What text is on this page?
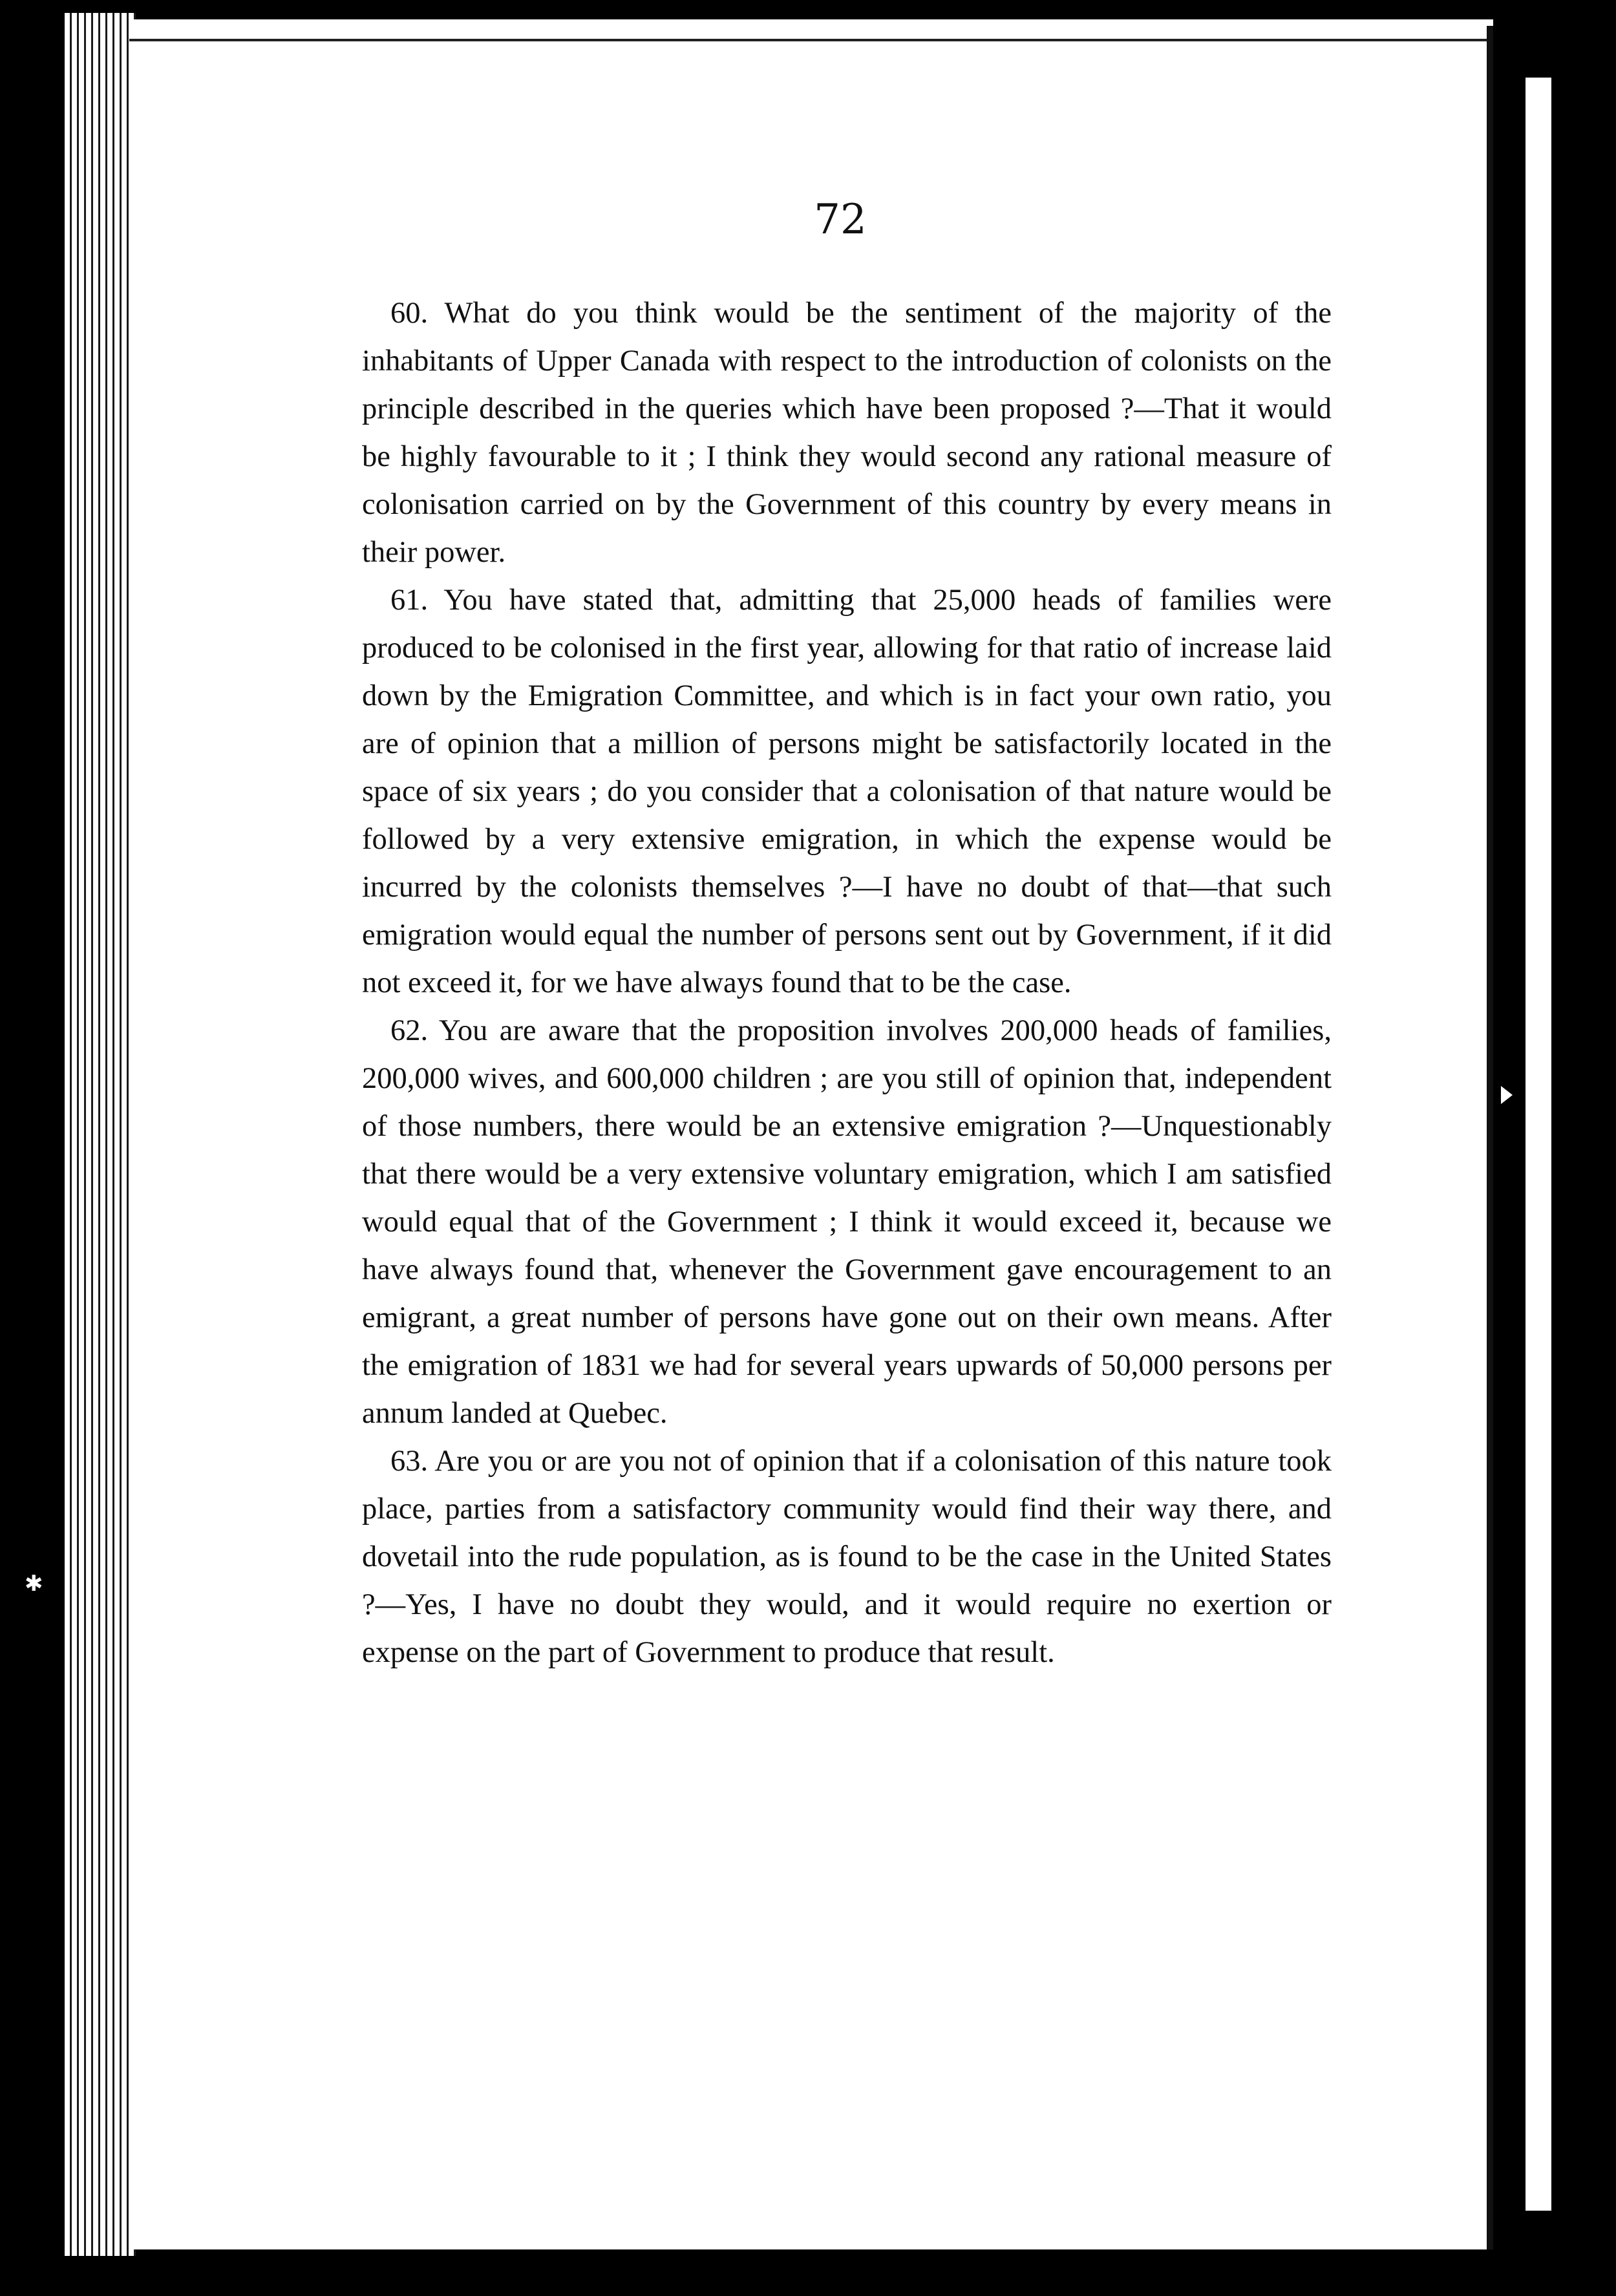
✱
72

60. What do you think would be the sentiment of the majority of the inhabitants of Upper Canada with respect to the introduction of colonists on the principle described in the queries which have been proposed ?—That it would be highly favourable to it ; I think they would second any rational measure of colonisation carried on by the Government of this country by every means in their power.

61. You have stated that, admitting that 25,000 heads of families were produced to be colonised in the first year, allowing for that ratio of increase laid down by the Emigration Committee, and which is in fact your own ratio, you are of opinion that a million of persons might be satisfactorily located in the space of six years ; do you consider that a colonisation of that nature would be followed by a very extensive emigration, in which the expense would be incurred by the colonists themselves ?—I have no doubt of that—that such emigration would equal the number of persons sent out by Government, if it did not exceed it, for we have always found that to be the case.

62. You are aware that the proposition involves 200,000 heads of families, 200,000 wives, and 600,000 children ; are you still of opinion that, independent of those numbers, there would be an extensive emigration ?—Unquestionably that there would be a very extensive voluntary emigration, which I am satisfied would equal that of the Government ; I think it would exceed it, because we have always found that, whenever the Government gave encouragement to an emigrant, a great number of persons have gone out on their own means. After the emigration of 1831 we had for several years upwards of 50,000 persons per annum landed at Quebec.

63. Are you or are you not of opinion that if a colonisation of this nature took place, parties from a satisfactory community would find their way there, and dovetail into the rude population, as is found to be the case in the United States ?—Yes, I have no doubt they would, and it would require no exertion or expense on the part of Government to produce that result.
